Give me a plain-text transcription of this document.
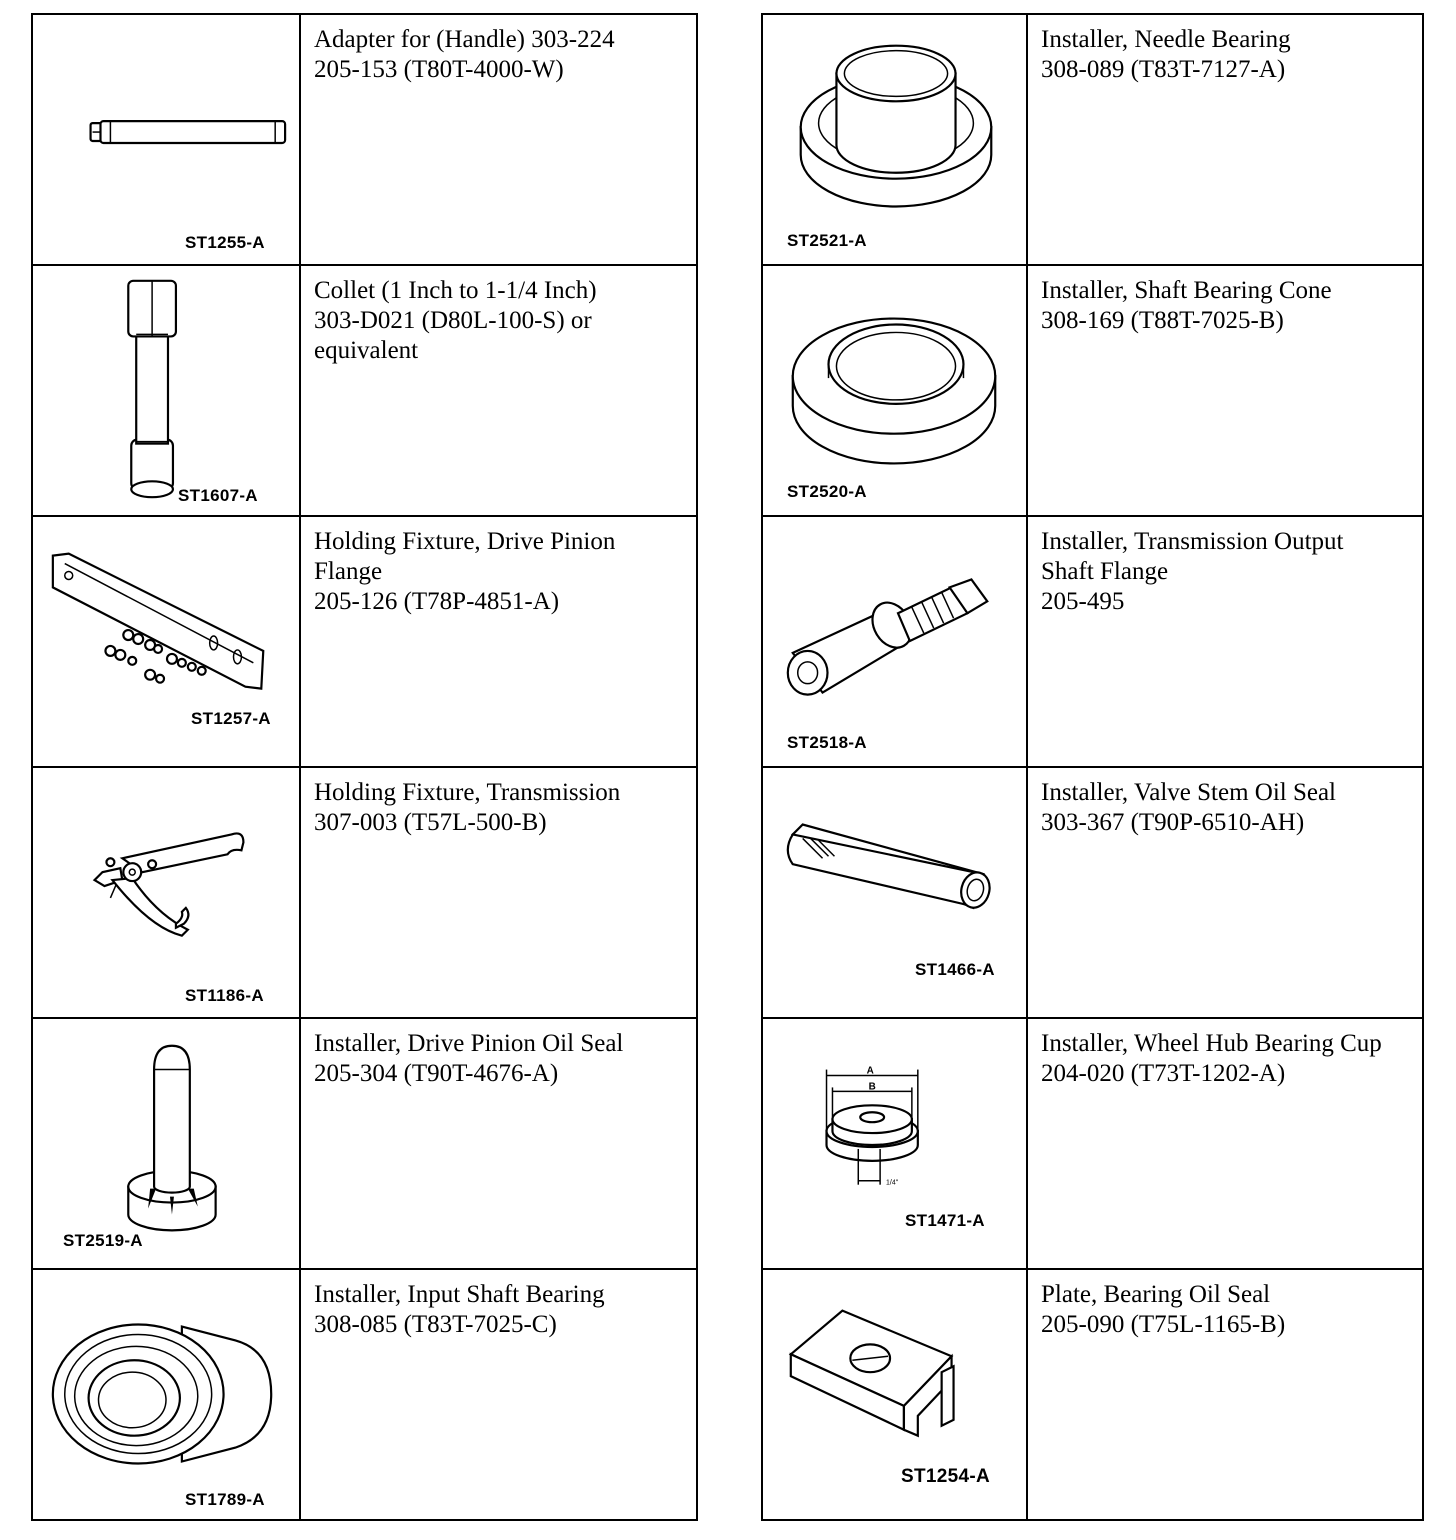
ST1255-A	Adapter for (Handle) 303-224
205-153 (T80T-4000-W)

ST1607-A	Collet (1 Inch to 1-1/4 Inch)
303-D021 (D80L-100-S) or
equivalent

ST1257-A	Holding Fixture, Drive Pinion
Flange
205-126 (T78P-4851-A)

ST1186-A	Holding Fixture, Transmission
307-003 (T57L-500-B)

ST2519-A	Installer, Drive Pinion Oil Seal
205-304 (T90T-4676-A)

ST1789-A	Installer, Input Shaft Bearing
308-085 (T83T-7025-C)
ST2521-A	Installer, Needle Bearing
308-089 (T83T-7127-A)

ST2520-A	Installer, Shaft Bearing Cone
308-169 (T88T-7025-B)

ST2518-A	Installer, Transmission Output
Shaft Flange
205-495

ST1466-A	Installer, Valve Stem Oil Seal
303-367 (T90P-6510-AH)

A
B
1/4"
ST1471-A	Installer, Wheel Hub Bearing Cup
204-020 (T73T-1202-A)

ST1254-A	Plate, Bearing Oil Seal
205-090 (T75L-1165-B)
